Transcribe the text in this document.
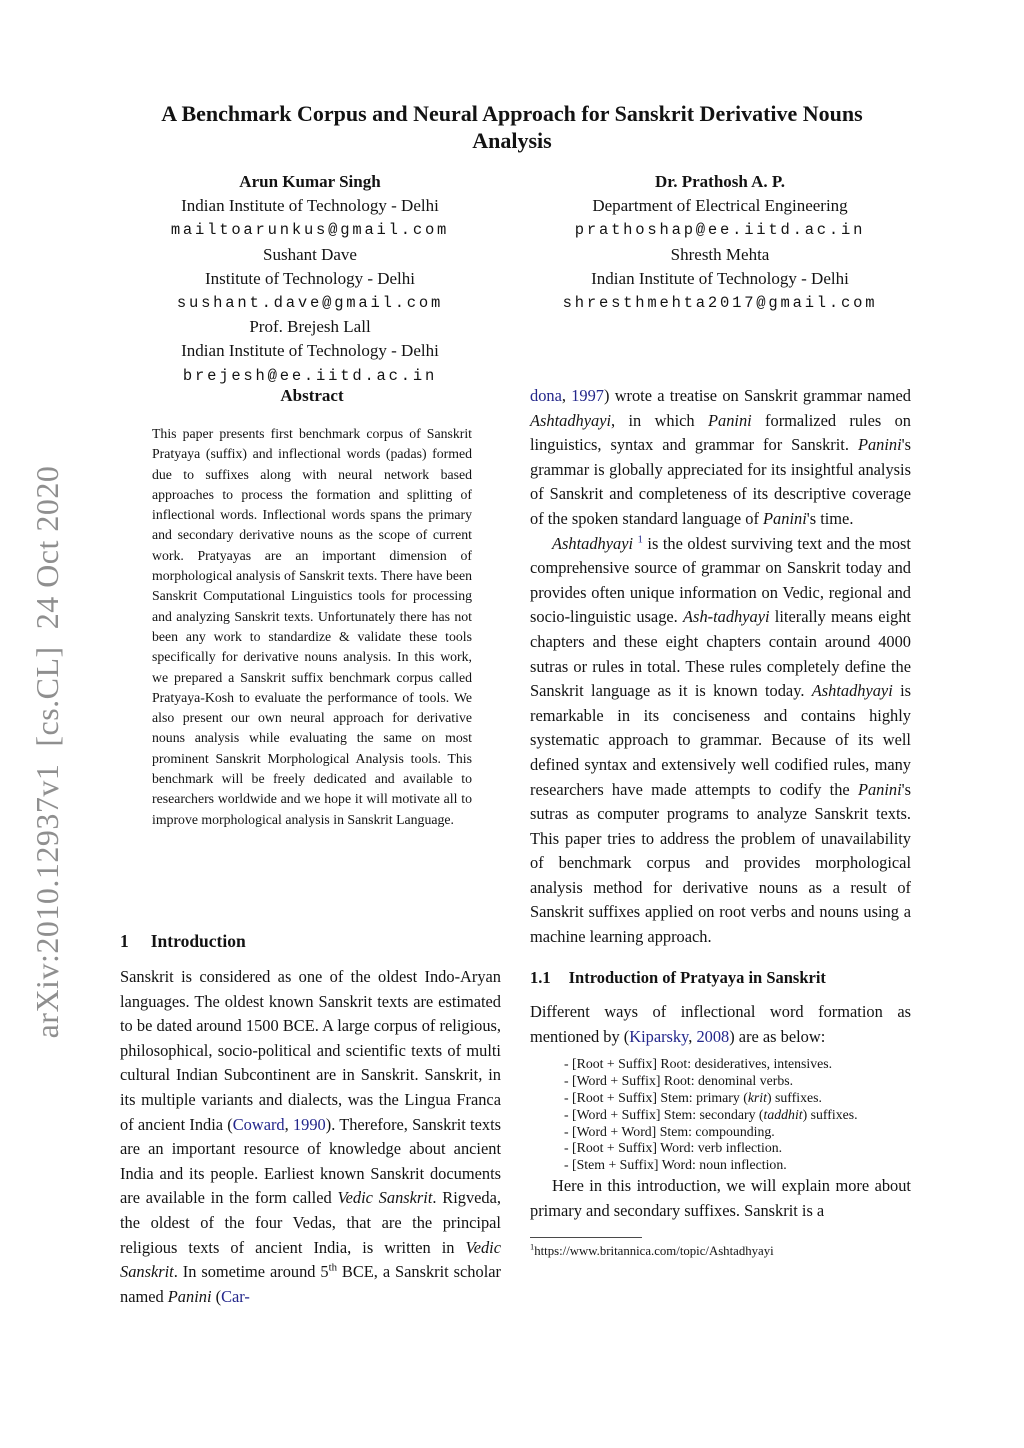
arXiv:2010.12937v1  [cs.CL]  24 Oct 2020
A Benchmark Corpus and Neural Approach for Sanskrit Derivative Nouns Analysis
Arun Kumar Singh
Indian Institute of Technology - Delhi
mailtoarunkus@gmail.com
Sushant Dave
Institute of Technology - Delhi
sushant.dave@gmail.com
Prof. Brejesh Lall
Indian Institute of Technology - Delhi
brejesh@ee.iitd.ac.in
Dr. Prathosh A. P.
Department of Electrical Engineering
prathoshap@ee.iitd.ac.in
Shresth Mehta
Indian Institute of Technology - Delhi
shresthmehta2017@gmail.com
Abstract
This paper presents first benchmark corpus of Sanskrit Pratyaya (suffix) and inflectional words (padas) formed due to suffixes along with neural network based approaches to process the formation and splitting of inflectional words. Inflectional words spans the primary and secondary derivative nouns as the scope of current work. Pratyayas are an important dimension of morphological analysis of Sanskrit texts. There have been Sanskrit Computational Linguistics tools for processing and analyzing Sanskrit texts. Unfortunately there has not been any work to standardize & validate these tools specifically for derivative nouns analysis. In this work, we prepared a Sanskrit suffix benchmark corpus called Pratyaya-Kosh to evaluate the performance of tools. We also present our own neural approach for derivative nouns analysis while evaluating the same on most prominent Sanskrit Morphological Analysis tools. This benchmark will be freely dedicated and available to researchers worldwide and we hope it will motivate all to improve morphological analysis in Sanskrit Language.
1 Introduction
Sanskrit is considered as one of the oldest Indo-Aryan languages. The oldest known Sanskrit texts are estimated to be dated around 1500 BCE. A large corpus of religious, philosophical, socio-political and scientific texts of multi cultural Indian Subcontinent are in Sanskrit. Sanskrit, in its multiple variants and dialects, was the Lingua Franca of ancient India (Coward, 1990). Therefore, Sanskrit texts are an important resource of knowledge about ancient India and its people. Earliest known Sanskrit documents are available in the form called Vedic Sanskrit. Rigveda, the oldest of the four Vedas, that are the principal religious texts of ancient India, is written in Vedic Sanskrit. In sometime around 5th BCE, a Sanskrit scholar named Panini (Car-

dona, 1997) wrote a treatise on Sanskrit grammar named Ashtadhyayi, in which Panini formalized rules on linguistics, syntax and grammar for Sanskrit. Panini's grammar is globally appreciated for its insightful analysis of Sanskrit and completeness of its descriptive coverage of the spoken standard language of Panini's time.

Ashtadhyayi $^1$ is the oldest surviving text and the most comprehensive source of grammar on Sanskrit today and provides often unique information on Vedic, regional and socio-linguistic usage. Ash-tadhyayi literally means eight chapters and these eight chapters contain around 4000 sutras or rules in total. These rules completely define the Sanskrit language as it is known today. Ashtadhyayi is remarkable in its conciseness and contains highly systematic approach to grammar. Because of its well defined syntax and extensively well codified rules, many researchers have made attempts to codify the Panini's sutras as computer programs to analyze Sanskrit texts. This paper tries to address the problem of unavailability of benchmark corpus and provides morphological analysis method for derivative nouns as a result of Sanskrit suffixes applied on root verbs and nouns using a machine learning approach.

1.1 Introduction of Pratyaya in Sanskrit

Different ways of inflectional word formation as mentioned by (Kiparsky, 2008) are as below:

- [Root + Suffix] Root: desideratives, intensives.
- [Word + Suffix] Root: denominal verbs.
- [Root + Suffix] Stem: primary (krit) suffixes.
- [Word + Suffix] Stem: secondary (taddhit) suffixes.
- [Word + Word] Stem: compounding.
- [Root + Suffix] Word: verb inflection.
- [Stem + Suffix] Word: noun inflection.

Here in this introduction, we will explain more about primary and secondary suffixes. Sanskrit is a

$^1$https://www.britannica.com/topic/Ashtadhyayi
